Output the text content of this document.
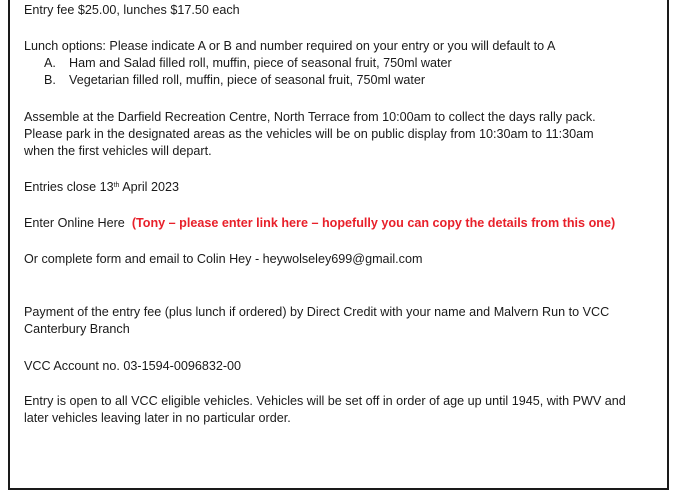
Entry fee $25.00, lunches $17.50 each
Lunch options: Please indicate A or B and number required on your entry or you will default to A
A. Ham and Salad filled roll, muffin, piece of seasonal fruit, 750ml water
B. Vegetarian filled roll, muffin, piece of seasonal fruit, 750ml water
Assemble at the Darfield Recreation Centre, North Terrace from 10:00am to collect the days rally pack.
Please park in the designated areas as the vehicles will be on public display from 10:30am to 11:30am
when the first vehicles will depart.
Entries close 13th April 2023
Enter Online Here  (Tony – please enter link here – hopefully you can copy the details from this one)
Or complete form and email to Colin Hey - heywolseley699@gmail.com
Payment of the entry fee (plus lunch if ordered) by Direct Credit with your name and Malvern Run to VCC
Canterbury Branch
VCC Account no. 03-1594-0096832-00
Entry is open to all VCC eligible vehicles. Vehicles will be set off in order of age up until 1945, with PWV and
later vehicles leaving later in no particular order.
